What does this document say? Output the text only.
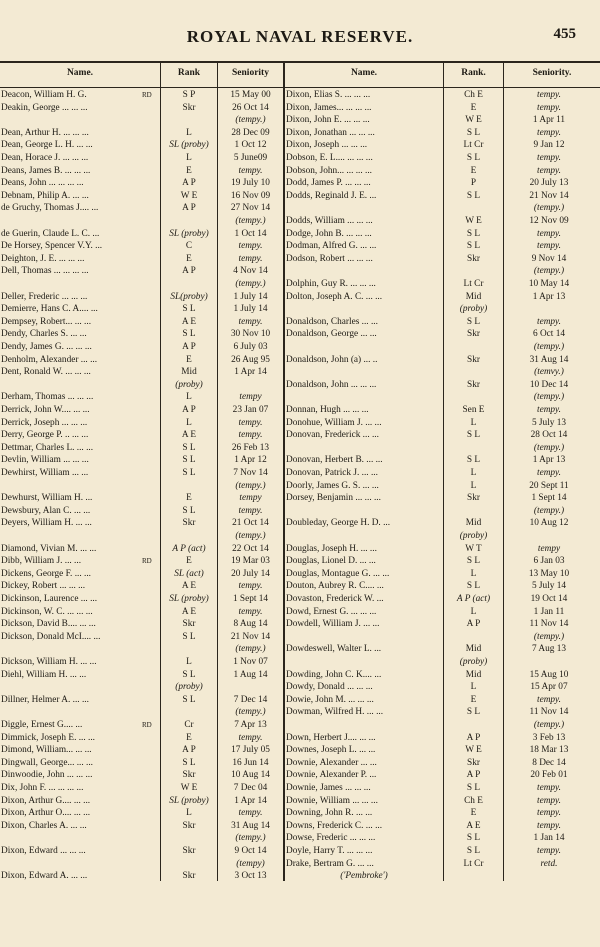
ROYAL NAVAL RESERVE.	455
Name.	Rank	Seniority	Name.	Rank.	Seniority.
Deacon, William H. G.	RD	S P	15 May 00
Deakin, George ... ... ...	Skr	26 Oct 14
(tempy.)
Dean, Arthur H. ... ... ...	L	28 Dec 09
Dean, George L. H. ... ...	SL (proby)	1 Oct 12
Dean, Horace J. ... ... ...	L	5 June09
Deans, James B. ... ... ...	E	tempy.
Deans, John ... ... ... ...	A P	19 July 10
Debnam, Philip A. ... ...	W E	16 Nov 09
de Gruchy, Thomas J.... ...	A P	27 Nov 14
(tempy.)
de Guerin, Claude L. C. ...	SL (proby)	1 Oct 14
De Horsey, Spencer V.Y. ...	C	tempy.
Deighton, J. E. ... ... ...	E	tempy.
Dell, Thomas ... ... ... ...	A P	4 Nov 14
(tempy.)
Deller, Frederic ... ... ...	SL(proby)	1 July 14
Demierre, Hans C. A.... ...	S L	1 July 14
Dempsey, Robert... ... ...	A E	tempy.
Dendy, Charles S. ... ...	S L	30 Nov 10
Dendy, James G. ... ... ...	A P	6 July 03
Denholm, Alexander ... ...	E	26 Aug 95
Dent, Ronald W. ... ... ...	Mid	1 Apr 14
(proby)
Derham, Thomas ... ... ...	L	tempy
Derrick, John W.... ... ...	A P	23 Jan 07
Derrick, Joseph ... ... ...	L	tempy.
Derry, George P. .. ... ...	A E	tempy.
Dettmar, Charles L. ... ...	S L	26 Feb 13
Devlin, William ... ... ...	S L	1 Apr 12
Dewhirst, William ... ...	S L	7 Nov 14
(tempy.)
Dewhurst, William H. ...	E	tempy
Dewsbury, Alan C. ... ...	S L	tempy.
Deyers, William H. ... ...	Skr	21 Oct 14
(tempy.)
Diamond, Vivian M. ... ...	A P (act)	22 Oct 14
Dibb, William J. ... ...	RD	E	19 Mar 03
Dickens, George F. ... ...	SL (act)	20 July 14
Dickey, Robert ... ... ...	A E	tempy.
Dickinson, Laurence ... ...	SL (proby)	1 Sept 14
Dickinson, W. C. ... ... ...	A E	tempy.
Dickson, David B.... ... ...	Skr	8 Aug 14
Dickson, Donald McI.... ...	S L	21 Nov 14
(tempy.)
Dickson, William H. ... ...	L	1 Nov 07
Diehl, William H. ... ...	S L	1 Aug 14
(proby)
Dillner, Helmer A. ... ...	S L	7 Dec 14
(tempy.)
Diggle, Ernest G.... ...	RD	Cr	7 Apr 13
Dimmick, Joseph E. ... ...	E	tempy.
Dimond, William... ... ...	A P	17 July 05
Dingwall, George... ... ...	S L	16 Jun 14
Dinwoodie, John ... ... ...	Skr	10 Aug 14
Dix, John F. ... ... ... ...	W E	7 Dec 04
Dixon, Arthur G.... ... ...	SL (proby)	1 Apr 14
Dixon, Arthur O.... ... ...	L	tempy.
Dixon, Charles A. ... ...	Skr	31 Aug 14
(tempy.)
Dixon, Edward ... ... ...	Skr	9 Oct 14
(tempy)
Dixon, Edward A. ... ...	Skr	3 Oct 13
Dixon, Elias S. ... ... ...	Ch E	tempy.
Dixon, James... ... ... ...	E	tempy.
Dixon, John E. ... ... ...	W E	1 Apr 11
Dixon, Jonathan ... ... ...	S L	tempy.
Dixon, Joseph ... ... ...	Lt Cr	9 Jan 12
Dobson, E. L.... ... ... ...	S L	tempy.
Dobson, John... ... ... ...	E	tempy.
Dodd, James P. ... ... ...	P	20 July 13
Dodds, Reginald J. E. ...	S L	21 Nov 14
(tempy.)
Dodds, William ... ... ...	W E	12 Nov 09
Dodge, John B. ... ... ...	S L	tempy.
Dodman, Alfred G. ... ...	S L	tempy.
Dodson, Robert ... ... ...	Skr	9 Nov 14
(tempy.)
Dolphin, Guy R. ... ... ...	Lt Cr	10 May 14
Dolton, Joseph A. C. ... ...	Mid	1 Apr 13
(proby)
Donaldson, Charles ... ...	S L	tempy.
Donaldson, George ... ...	Skr	6 Oct 14
(tempy.)
Donaldson, John (a) ... ..	Skr	31 Aug 14
(temvy.)
Donaldson, John ... ... ...	Skr	10 Dec 14
(tempy.)
Donnan, Hugh ... ... ...	Sen E	tempy.
Donohue, William J. ... ...	L	5 July 13
Donovan, Frederick ... ...	S L	28 Oct 14
(tempy.)
Donovan, Herbert B. ... ...	S L	1 Apr 13
Donovan, Patrick J. ... ...	L	tempy.
Doorly, James G. S. ... ...	L	20 Sept 11
Dorsey, Benjamin ... ... ...	Skr	1 Sept 14
(tempy.)
Doubleday, George H. D. ...	Mid	10 Aug 12
(proby)
Douglas, Joseph H. ... ...	W T	tempy
Douglas, Lionel D. ... ...	S L	6 Jan 03
Douglas, Montague G. ... ...	L	13 May 10
Douton, Aubrey R. C.... ...	S L	5 July 14
Dovaston, Frederick W. ...	A P (act)	19 Oct 14
Dowd, Ernest G. ... ... ...	L	1 Jan 11
Dowdell, William J. ... ...	A P	11 Nov 14
(tempy.)
Dowdeswell, Walter L. ...	Mid	7 Aug 13
(proby)
Dowding, John C. K.... ...	Mid	15 Aug 10
Dowdy, Donald ... ... ...	L	15 Apr 07
Dowie, John M. ... ... ...	E	tempy.
Dowman, Wilfred H. ... ...	S L	11 Nov 14
(tempy.)
Down, Herbert J.... ... ...	A P	3 Feb 13
Downes, Joseph L. ... ...	W E	18 Mar 13
Downie, Alexander ... ...	Skr	8 Dec 14
Downie, Alexander P. ...	A P	20 Feb 01
Downie, James ... ... ...	S L	tempy.
Downie, William ... ... ...	Ch E	tempy.
Downing, John R. ... ...	E	tempy.
Downs, Frederick C. ... ...	A E	tempy.
Dowse, Frederic ... ... ...	S L	1 Jan 14
Doyle, Harry T. ... ... ...	S L	tempy.
Drake, Bertram G. ... ...	Lt Cr	retd.
('Pembroke')
